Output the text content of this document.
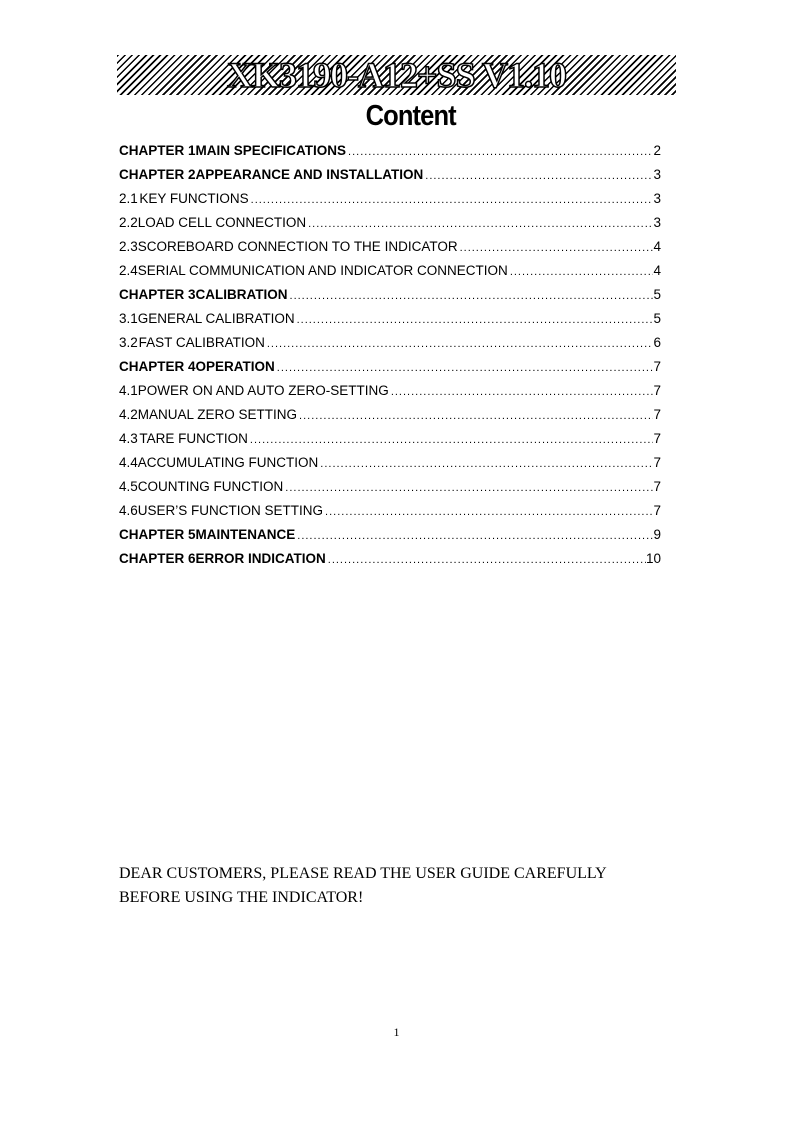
XK3190-A12+SS V1.10
Content
CHAPTER 1 MAIN SPECIFICATIONS .....	2
CHAPTER 2 APPEARANCE AND INSTALLATION .....	3
2.1 KEY FUNCTIONS .....	3
2.2 LOAD CELL CONNECTION .....	3
2.3 SCOREBOARD CONNECTION TO THE INDICATOR .....	4
2.4 SERIAL COMMUNICATION AND INDICATOR CONNECTION .....	4
CHAPTER 3 CALIBRATION .....	5
3.1 GENERAL CALIBRATION .....	5
3.2 FAST CALIBRATION .....	6
CHAPTER 4 OPERATION .....	7
4.1 POWER ON AND AUTO ZERO-SETTING .....	7
4.2 MANUAL ZERO SETTING .....	7
4.3 TARE FUNCTION .....	7
4.4 ACCUMULATING FUNCTION .....	7
4.5 COUNTING FUNCTION .....	7
4.6 USER’S FUNCTION SETTING .....	7
CHAPTER 5 MAINTENANCE .....	9
CHAPTER 6 ERROR INDICATION .....	10
DEAR CUSTOMERS, PLEASE READ THE USER GUIDE CAREFULLY
BEFORE USING THE INDICATOR!
1
